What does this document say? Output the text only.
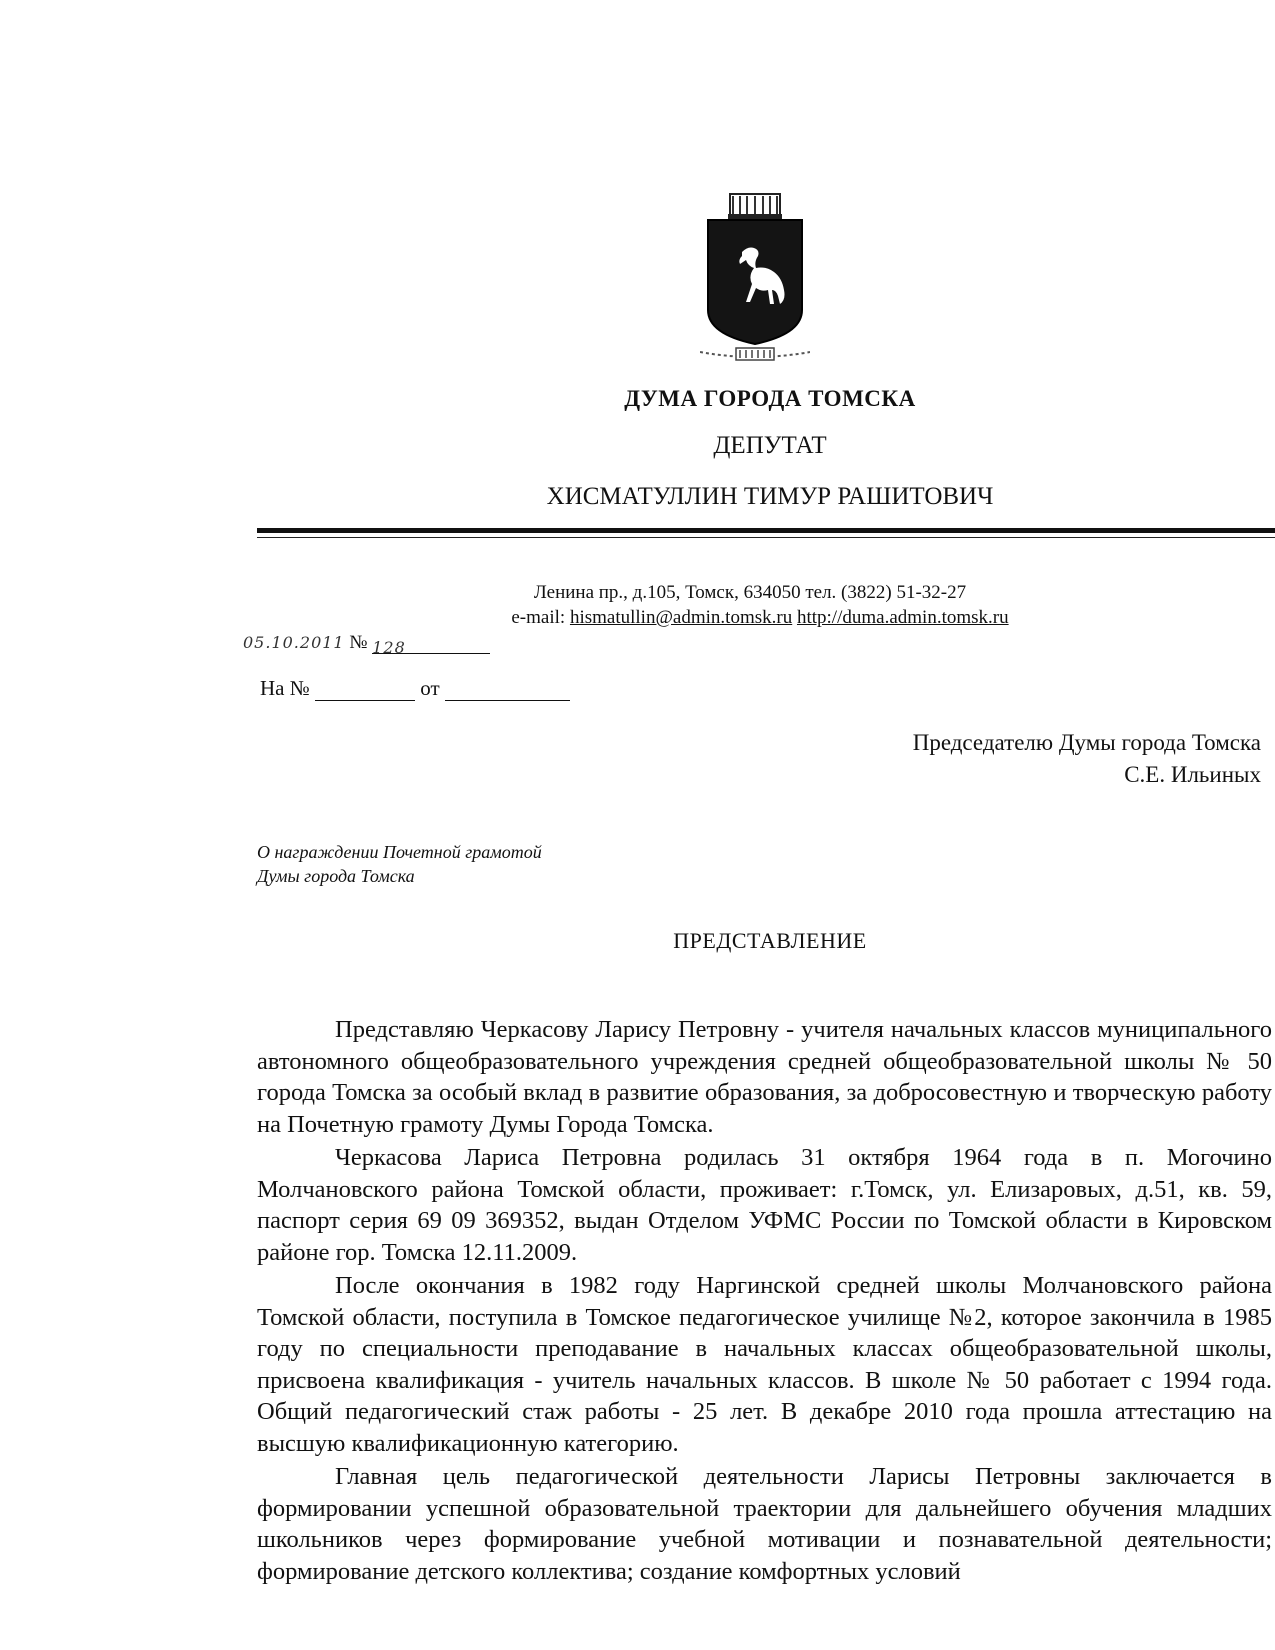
ДУМА ГОРОДА ТОМСКА
ДЕПУТАТ
ХИСМАТУЛЛИН ТИМУР РАШИТОВИЧ
Ленина пр., д.105, Томск, 634050 тел. (3822) 51-32-27
e-mail: hismatullin@admin.tomsk.ru http://duma.admin.tomsk.ru
05.10.2011 № 128
На №	от
Председателю Думы города Томска
С.Е. Ильиных
О награждении Почетной грамотой
Думы города Томска
ПРЕДСТАВЛЕНИЕ

Представляю Черкасову Ларису Петровну - учителя начальных классов муниципального автономного общеобразовательного учреждения средней общеобразовательной школы № 50 города Томска за особый вклад в развитие образования, за добросовестную и творческую работу на Почетную грамоту Думы Города Томска.

Черкасова Лариса Петровна родилась 31 октября 1964 года в п. Могочино Молчановского района Томской области, проживает: г.Томск, ул. Елизаровых, д.51, кв. 59, паспорт серия 69 09 369352, выдан Отделом УФМС России по Томской области в Кировском районе гор. Томска 12.11.2009.

После окончания в 1982 году Наргинской средней школы Молчановского района Томской области, поступила в Томское педагогическое училище №2, которое закончила в 1985 году по специальности преподавание в начальных классах общеобразовательной школы, присвоена квалификация - учитель начальных классов. В школе № 50 работает с 1994 года. Общий педагогический стаж работы - 25 лет. В декабре 2010 года прошла аттестацию на высшую квалификационную категорию.

Главная цель педагогической деятельности Ларисы Петровны заключается в формировании успешной образовательной траектории для дальнейшего обучения младших школьников через формирование учебной мотивации и познавательной деятельности; формирование детского коллектива; создание комфортных условий
